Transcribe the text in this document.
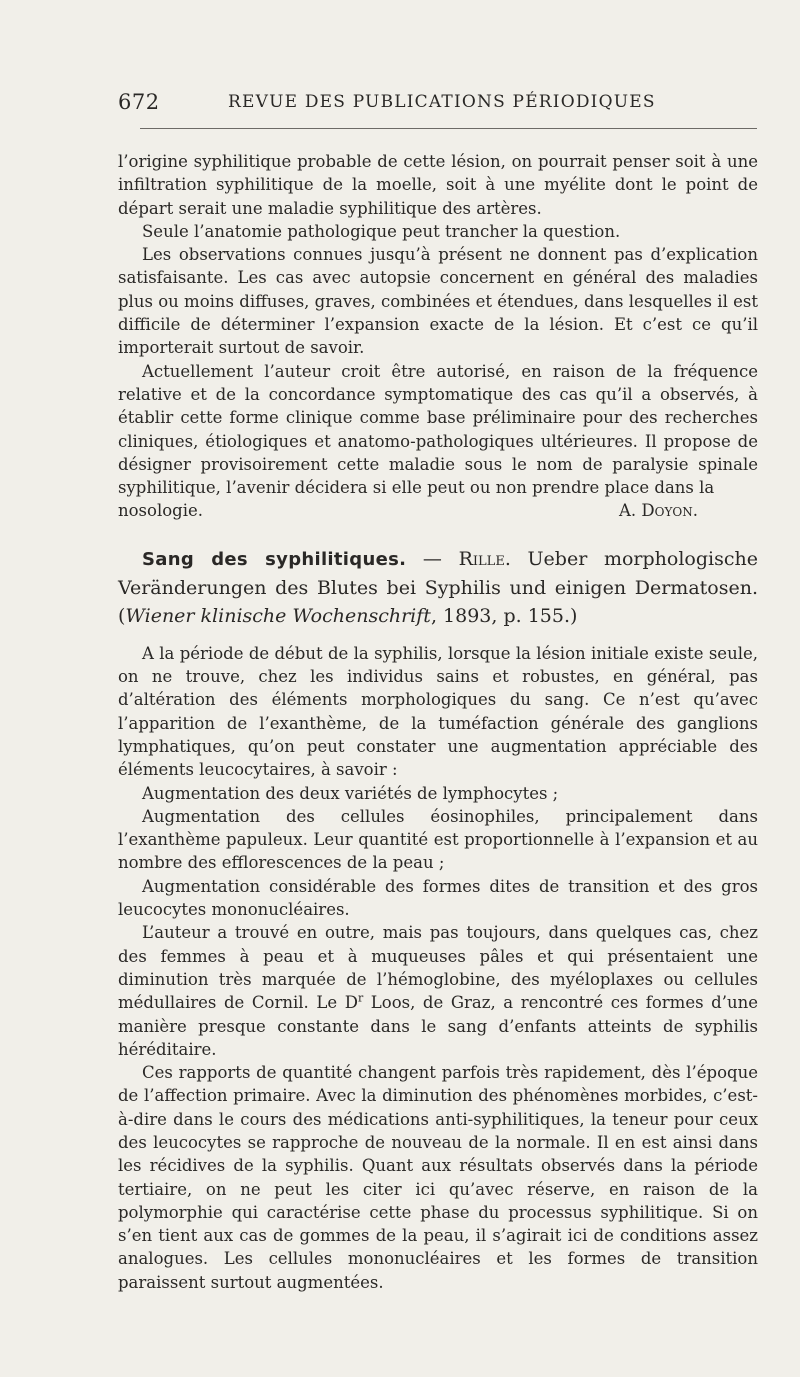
672	REVUE DES PUBLICATIONS PÉRIODIQUES

l’origine syphilitique probable de cette lésion, on pourrait penser soit à une infiltration syphilitique de la moelle, soit à une myélite dont le point de départ serait une maladie syphilitique des artères.

Seule l’anatomie pathologique peut trancher la question.

Les observations connues jusqu’à présent ne donnent pas d’explication satisfaisante. Les cas avec autopsie concernent en général des maladies plus ou moins diffuses, graves, combinées et étendues, dans lesquelles il est difficile de déterminer l’expansion exacte de la lésion. Et c’est ce qu’il importerait surtout de savoir.

Actuellement l’auteur croit être autorisé, en raison de la fréquence relative et de la concordance symptomatique des cas qu’il a observés, à établir cette forme clinique comme base préliminaire pour des recherches cliniques, étiologiques et anatomo-pathologiques ultérieures. Il propose de désigner provisoirement cette maladie sous le nom de paralysie spinale syphilitique, l’avenir décidera si elle peut ou non prendre place dans la

nosologie.	A. Doyon.

Sang des syphilitiques. — Rille. Ueber morphologische Veränderungen des Blutes bei Syphilis und einigen Dermatosen. (Wiener klinische Wochenschrift, 1893, p. 155.)

A la période de début de la syphilis, lorsque la lésion initiale existe seule, on ne trouve, chez les individus sains et robustes, en général, pas d’altération des éléments morphologiques du sang. Ce n’est qu’avec l’apparition de l’exanthème, de la tuméfaction générale des ganglions lymphatiques, qu’on peut constater une augmentation appréciable des éléments leucocytaires, à savoir :

Augmentation des deux variétés de lymphocytes ;

Augmentation des cellules éosinophiles, principalement dans l’exanthème papuleux. Leur quantité est proportionnelle à l’expansion et au nombre des efflorescences de la peau ;

Augmentation considérable des formes dites de transition et des gros leucocytes mononucléaires.

L’auteur a trouvé en outre, mais pas toujours, dans quelques cas, chez des femmes à peau et à muqueuses pâles et qui présentaient une diminution très marquée de l’hémoglobine, des myéloplaxes ou cellules médullaires de Cornil. Le $D^r$ Loos, de Graz, a rencontré ces formes d’une manière presque constante dans le sang d’enfants atteints de syphilis héréditaire.

Ces rapports de quantité changent parfois très rapidement, dès l’époque de l’affection primaire. Avec la diminution des phénomènes morbides, c’est-à-dire dans le cours des médications anti-syphilitiques, la teneur pour ceux des leucocytes se rapproche de nouveau de la normale. Il en est ainsi dans les récidives de la syphilis. Quant aux résultats observés dans la période tertiaire, on ne peut les citer ici qu’avec réserve, en raison de la polymorphie qui caractérise cette phase du processus syphilitique. Si on s’en tient aux cas de gommes de la peau, il s’agirait ici de conditions assez analogues. Les cellules mononucléaires et les formes de transition paraissent surtout augmentées.
